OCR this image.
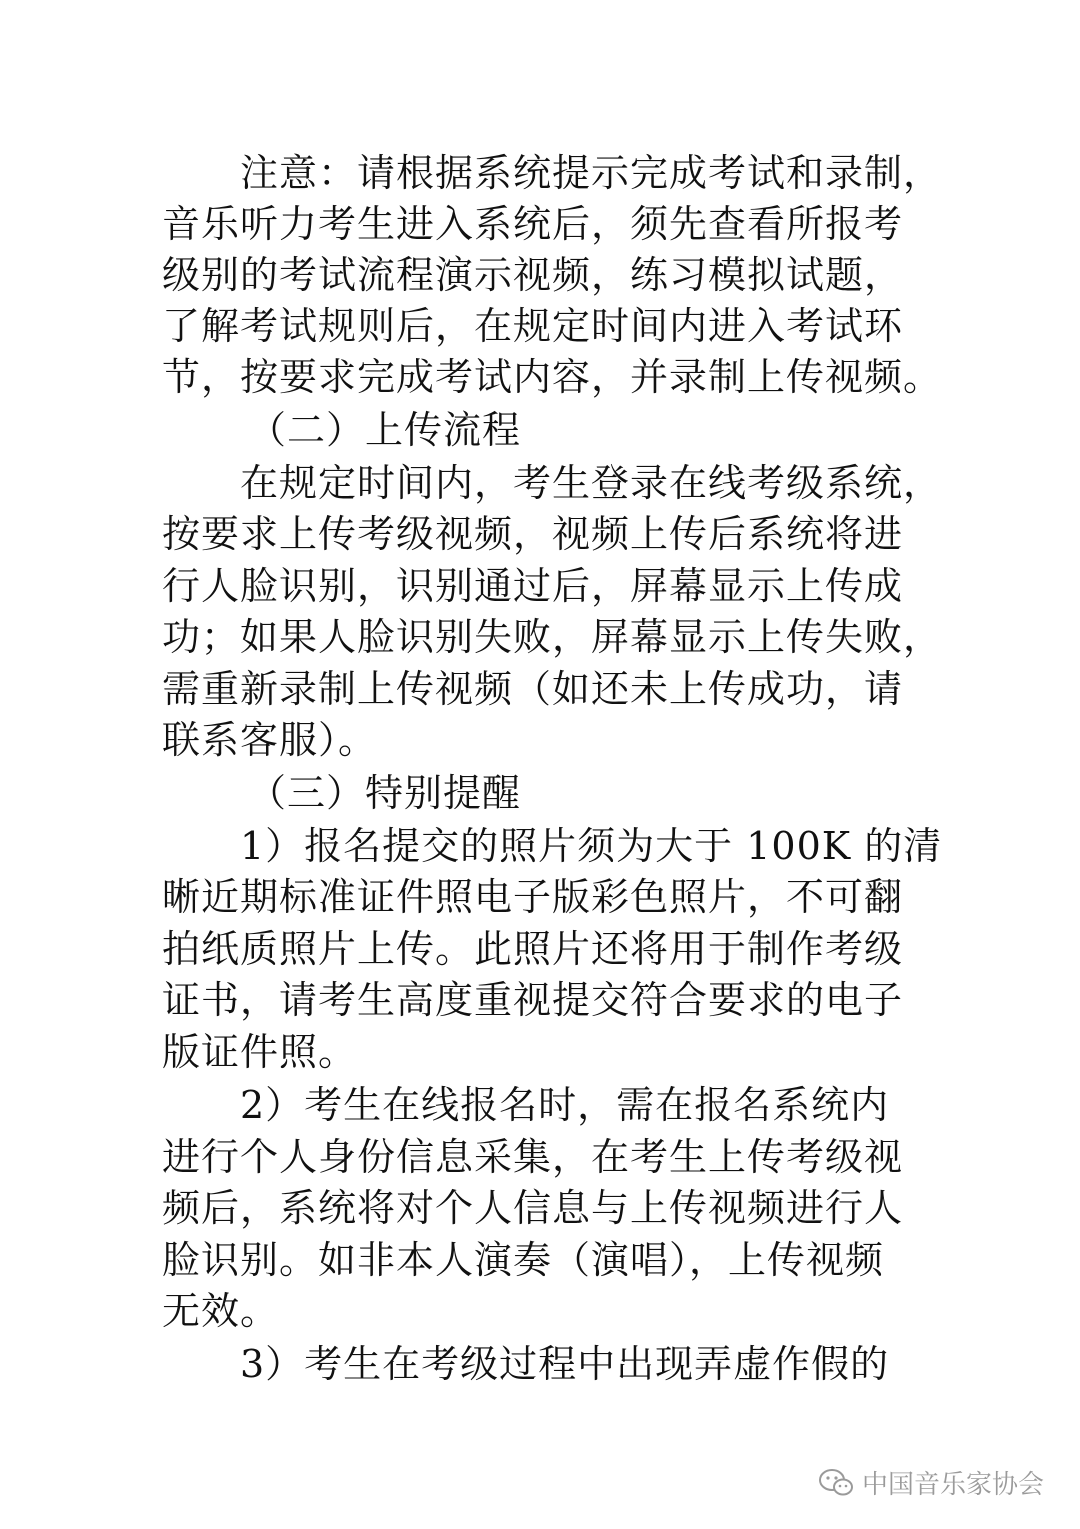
注意：请根据系统提示完成考试和录制，
音乐听力考生进入系统后，须先查看所报考
级别的考试流程演示视频，练习模拟试题，
了解考试规则后，在规定时间内进入考试环
节，按要求完成考试内容，并录制上传视频。
（二）上传流程
在规定时间内，考生登录在线考级系统，
按要求上传考级视频，视频上传后系统将进
行人脸识别，识别通过后，屏幕显示上传成
功；如果人脸识别失败，屏幕显示上传失败，
需重新录制上传视频（如还未上传成功，请
联系客服）。
（三）特别提醒
1）报名提交的照片须为大于 100K 的清
晰近期标准证件照电子版彩色照片，不可翻
拍纸质照片上传。此照片还将用于制作考级
证书，请考生高度重视提交符合要求的电子
版证件照。
2）考生在线报名时，需在报名系统内
进行个人身份信息采集，在考生上传考级视
频后，系统将对个人信息与上传视频进行人
脸识别。如非本人演奏（演唱），上传视频
无效。
3）考生在考级过程中出现弄虚作假的
中国音乐家协会
